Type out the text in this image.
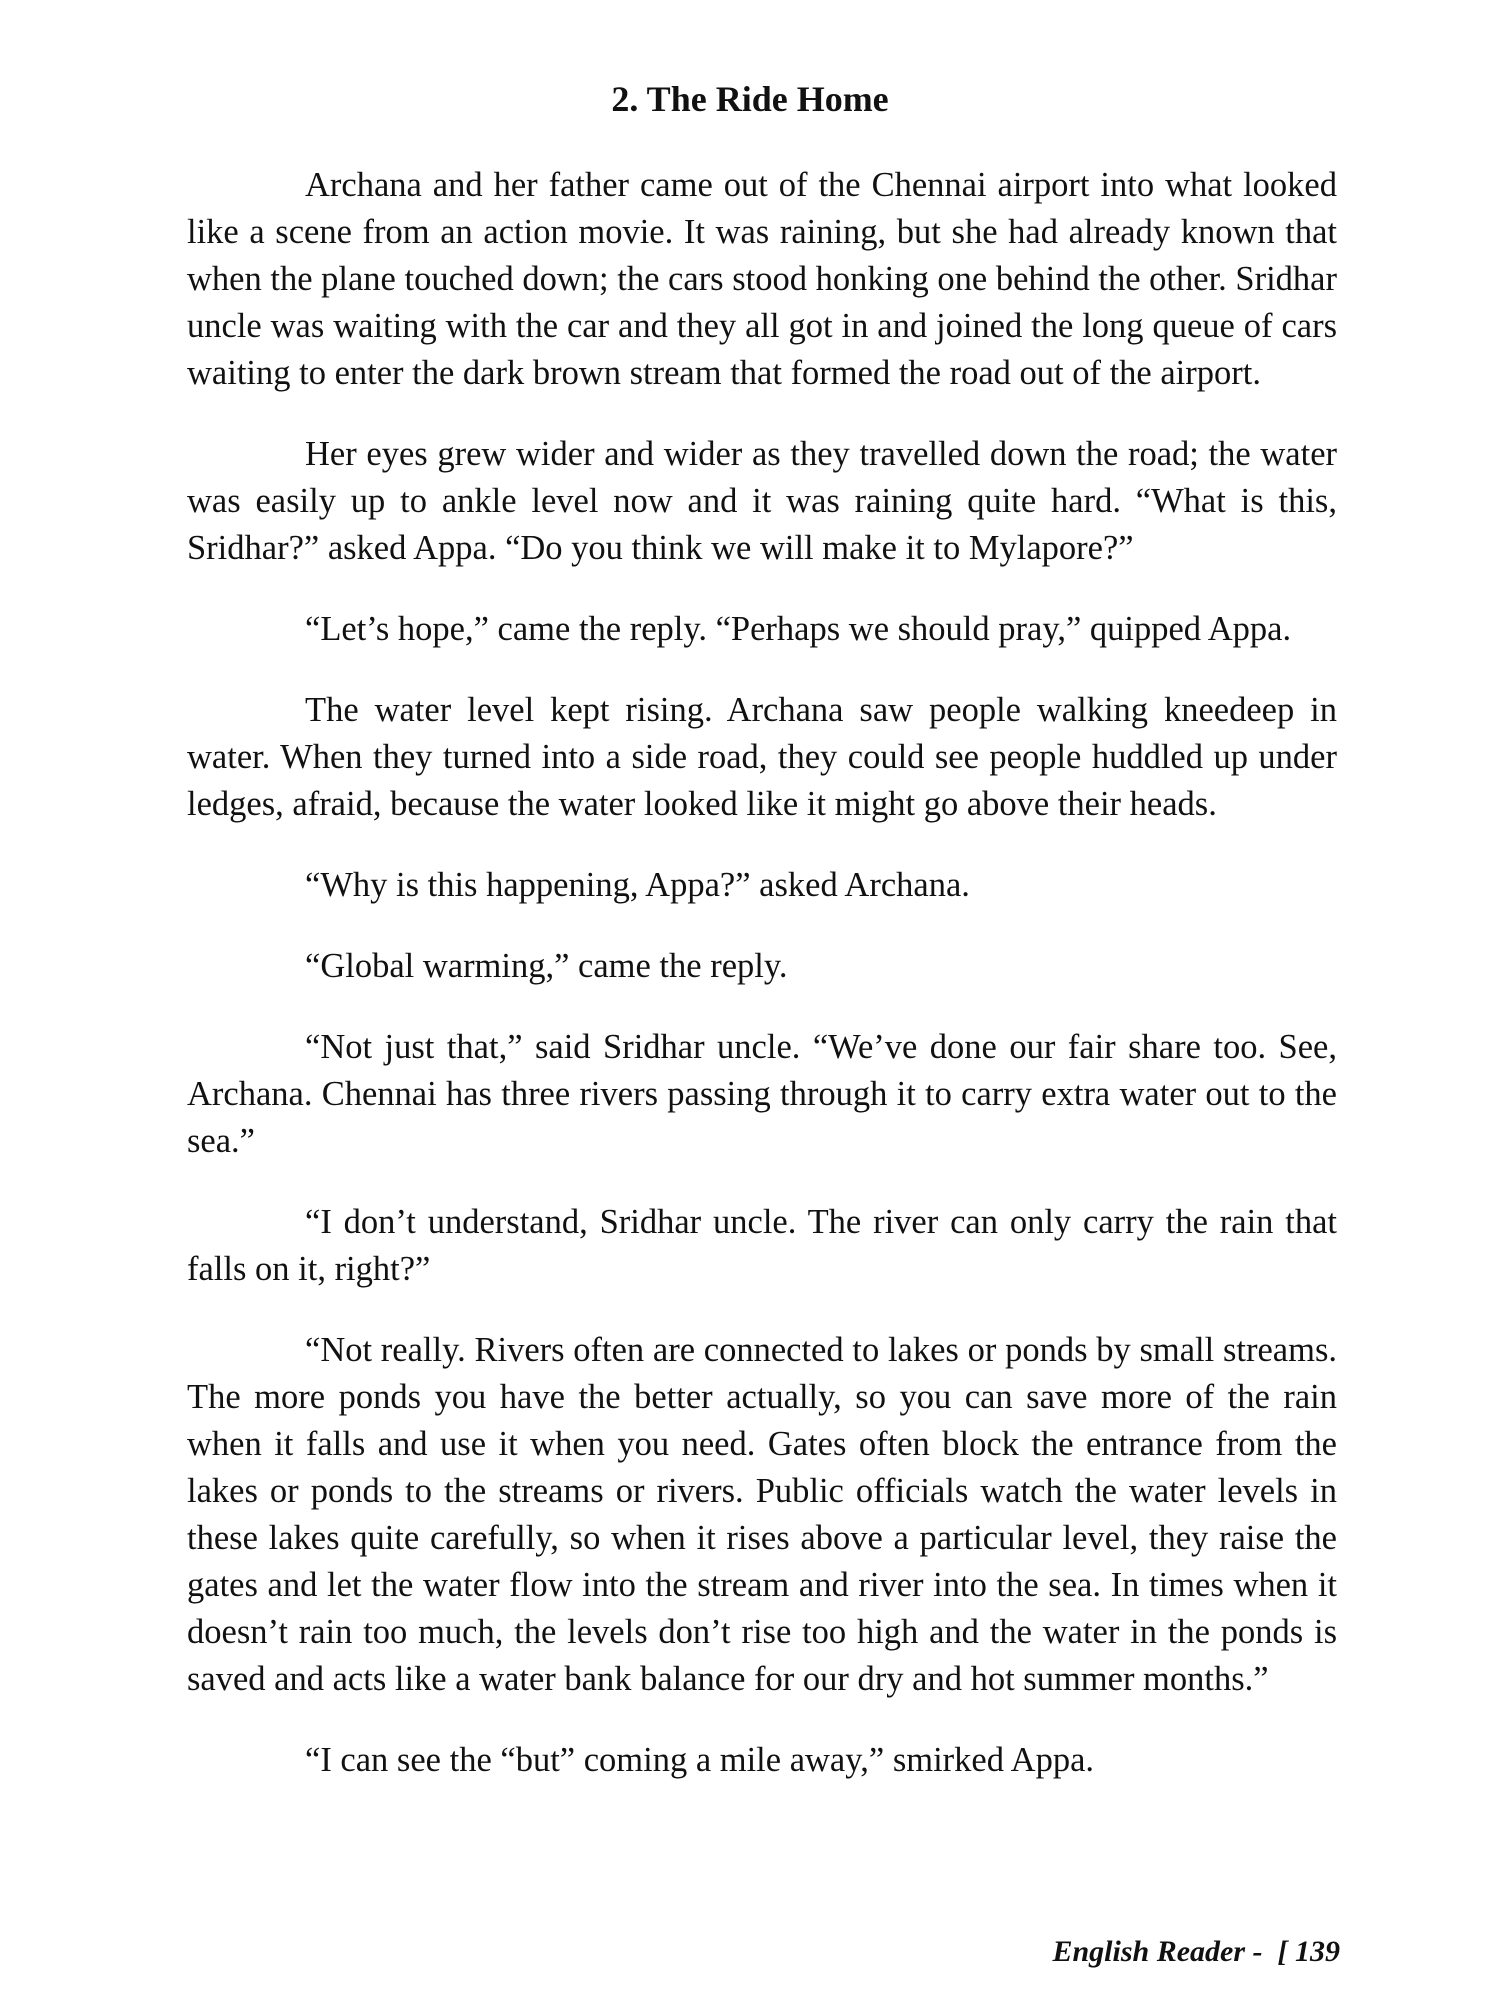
2. The Ride Home

Archana and her father came out of the Chennai airport into what looked like a scene from an action movie. It was raining, but she had already known that when the plane touched down; the cars stood honking one behind the other. Sridhar uncle was waiting with the car and they all got in and joined the long queue of cars waiting to enter the dark brown stream that formed the road out of the airport.

Her eyes grew wider and wider as they travelled down the road; the water was easily up to ankle level now and it was raining quite hard. “What is this, Sridhar?” asked Appa. “Do you think we will make it to Mylapore?”

“Let’s hope,” came the reply. “Perhaps we should pray,” quipped Appa.

The water level kept rising. Archana saw people walking kneedeep in water. When they turned into a side road, they could see people huddled up under ledges, afraid, because the water looked like it might go above their heads.

“Why is this happening, Appa?” asked Archana.

“Global warming,” came the reply.

“Not just that,” said Sridhar uncle. “We’ve done our fair share too. See, Archana. Chennai has three rivers passing through it to carry extra water out to the sea.”

“I don’t understand, Sridhar uncle. The river can only carry the rain that falls on it, right?”

“Not really. Rivers often are connected to lakes or ponds by small streams. The more ponds you have the better actually, so you can save more of the rain when it falls and use it when you need. Gates often block the entrance from the lakes or ponds to the streams or rivers. Public officials watch the water levels in these lakes quite carefully, so when it rises above a particular level, they raise the gates and let the water flow into the stream and river into the sea. In times when it doesn’t rain too much, the levels don’t rise too high and the water in the ponds is saved and acts like a water bank balance for our dry and hot summer months.”

“I can see the “but” coming a mile away,” smirked Appa.

English Reader - [ 139
